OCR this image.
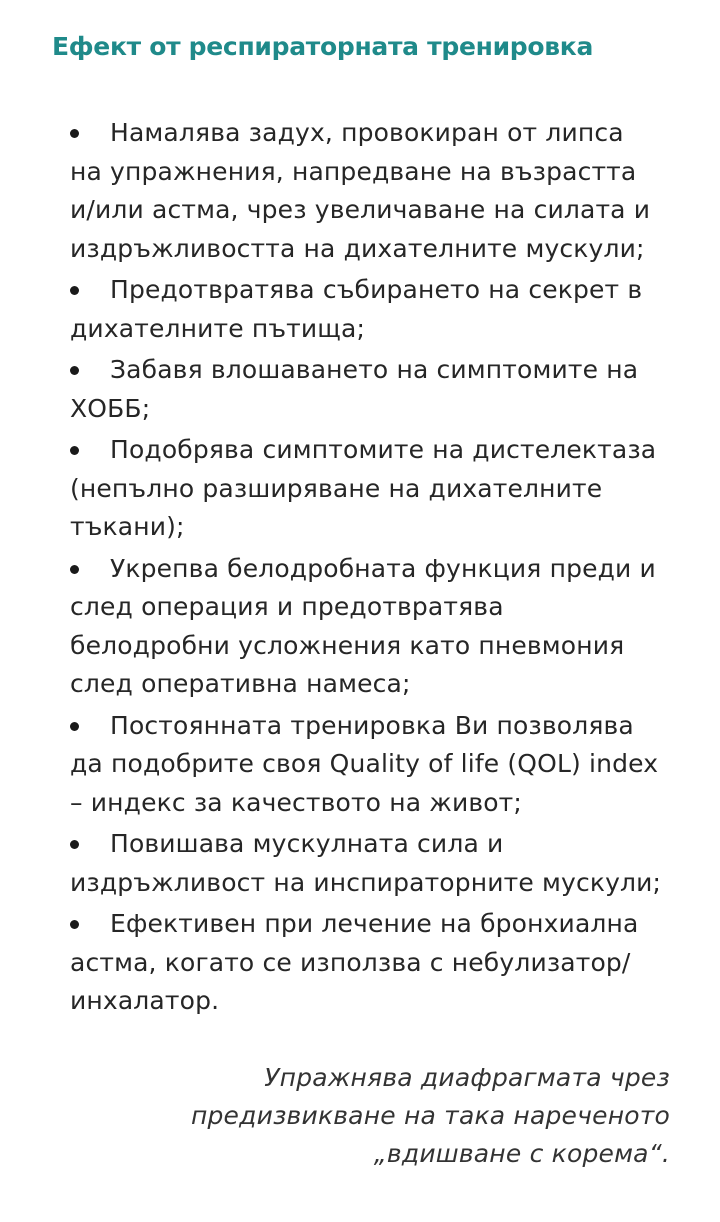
Ефект от респираторната тренировка
Намалява задух, провокиран от липса
на упражнения, напредване на възрастта
и/или астма, чрез увеличаване на силата и
издръжливостта на дихателните мускули;
Предотвратява събирането на секрет в
дихателните пътища;
Забавя влошаването на симптомите на
ХОББ;
Подобрява симптомите на дистелектаза
(непълно разширяване на дихателните
тъкани);
Укрепва белодробната функция преди и
след операция и предотвратява
белодробни усложнения като пневмония
след оперативна намеса;
Постоянната тренировка Ви позволява
да подобрите своя Quality of life (QOL) index
– индекс за качеството на живот;
Повишава мускулната сила и
издръжливост на инспираторните мускули;
Ефективен при лечение на бронхиална
астма, когато се използва с небулизатор/
инхалатор.
Упражнява диафрагмата чрез
предизвикване на така нареченото
„вдишване с корема“.
